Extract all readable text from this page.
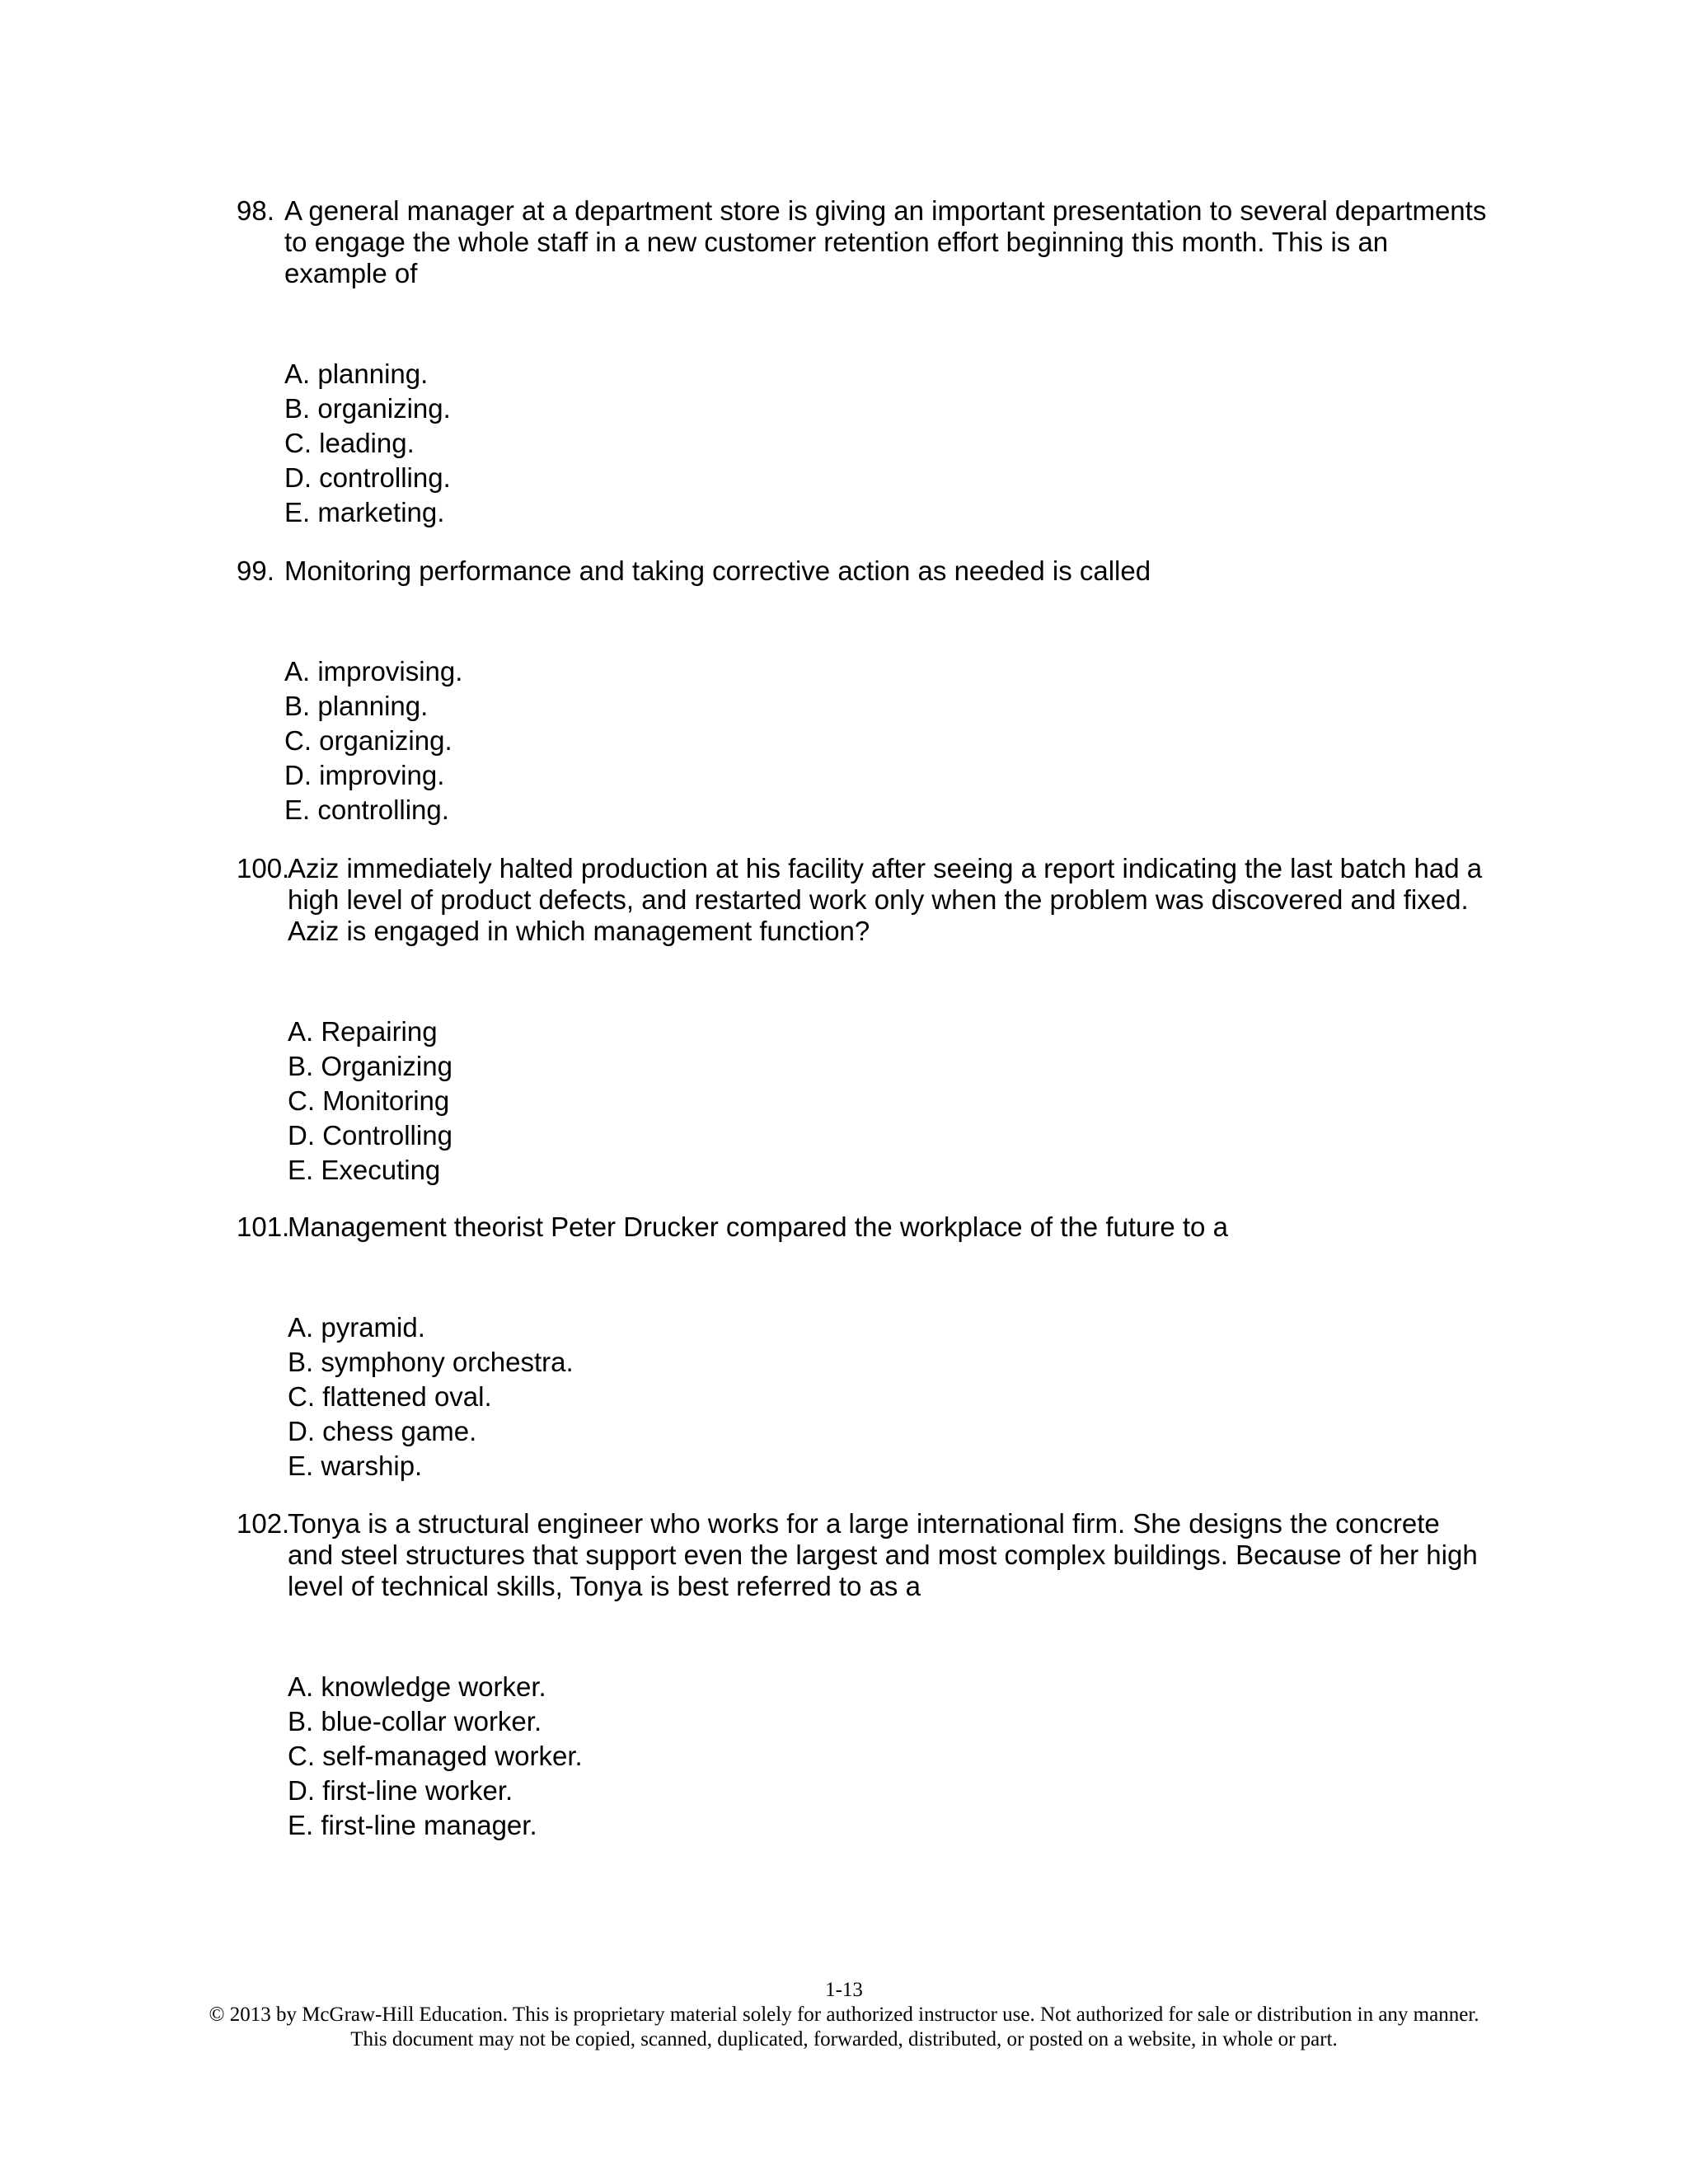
98. A general manager at a department store is giving an important presentation to several departments to engage the whole staff in a new customer retention effort beginning this month. This is an example of
A. planning.
B. organizing.
C. leading.
D. controlling.
E. marketing.
99. Monitoring performance and taking corrective action as needed is called
A. improvising.
B. planning.
C. organizing.
D. improving.
E. controlling.
100.
Aziz immediately halted production at his facility after seeing a report indicating the last batch had a high level of product defects, and restarted work only when the problem was discovered and fixed. Aziz is engaged in which management function?
A. Repairing
B. Organizing
C. Monitoring
D. Controlling
E. Executing
101.
Management theorist Peter Drucker compared the workplace of the future to a
A. pyramid.
B. symphony orchestra.
C. flattened oval.
D. chess game.
E. warship.
102.
Tonya is a structural engineer who works for a large international firm. She designs the concrete and steel structures that support even the largest and most complex buildings. Because of her high level of technical skills, Tonya is best referred to as a
A. knowledge worker.
B. blue-collar worker.
C. self-managed worker.
D. first-line worker.
E. first-line manager.
1-13
© 2013 by McGraw-Hill Education. This is proprietary material solely for authorized instructor use. Not authorized for sale or distribution in any manner. This document may not be copied, scanned, duplicated, forwarded, distributed, or posted on a website, in whole or part.
